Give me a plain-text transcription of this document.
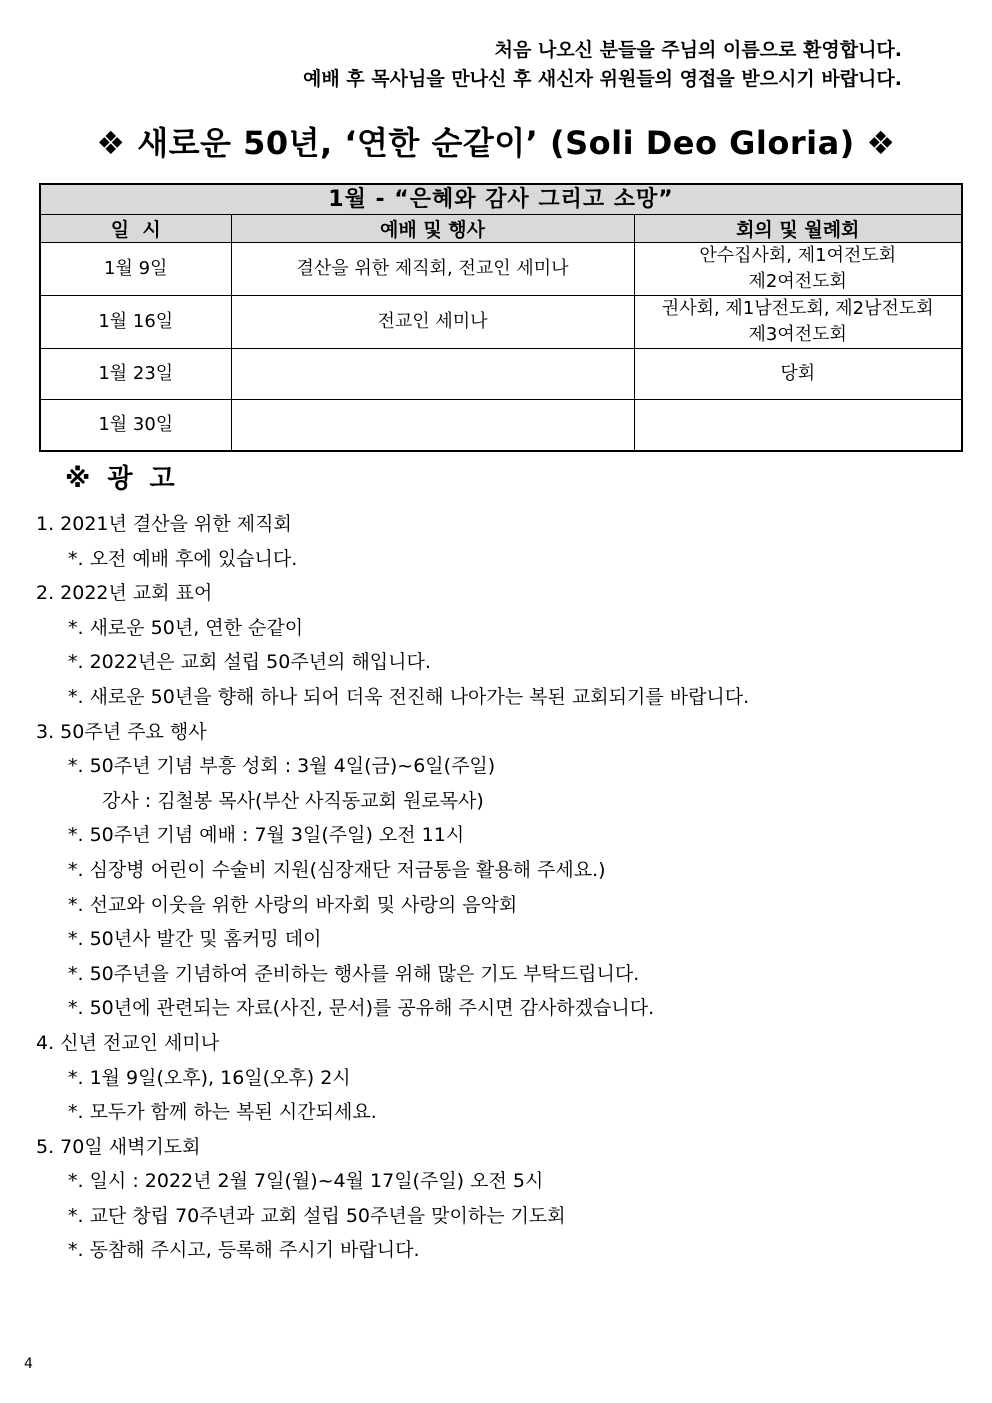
처음 나오신 분들을 주님의 이름으로 환영합니다.
예배 후 목사님을 만나신 후 새신자 위원들의 영접을 받으시기 바랍니다.
❖ 새로운 50년, ‘연한 순같이’ (Soli Deo Gloria) ❖
1월 - “은혜와 감사 그리고 소망”		
일  시	예배 및 행사	회의 및 월례회
1월 9일	결산을 위한 제직회, 전교인 세미나	안수집사회, 제1여전도회
제2여전도회

1월 16일	전교인 세미나	권사회, 제1남전도회, 제2남전도회
제3여전도회

1월 23일		당회

1월 30일		
※ 광 고
1. 2021년 결산을 위한 제직회
*. 오전 예배 후에 있습니다.
2. 2022년 교회 표어
*. 새로운 50년, 연한 순같이
*. 2022년은 교회 설립 50주년의 해입니다.
*. 새로운 50년을 향해 하나 되어 더욱 전진해 나아가는 복된 교회되기를 바랍니다.
3. 50주년 주요 행사
*. 50주년 기념 부흥 성회 : 3월 4일(금)~6일(주일)
강사 : 김철봉 목사(부산 사직동교회 원로목사)
*. 50주년 기념 예배 : 7월 3일(주일) 오전 11시
*. 심장병 어린이 수술비 지원(심장재단 저금통을 활용해 주세요.)
*. 선교와 이웃을 위한 사랑의 바자회 및 사랑의 음악회
*. 50년사 발간 및 홈커밍 데이
*. 50주년을 기념하여 준비하는 행사를 위해 많은 기도 부탁드립니다.
*. 50년에 관련되는 자료(사진, 문서)를 공유해 주시면 감사하겠습니다.
4. 신년 전교인 세미나
*. 1월 9일(오후), 16일(오후) 2시
*. 모두가 함께 하는 복된 시간되세요.
5. 70일 새벽기도회
*. 일시 : 2022년 2월 7일(월)~4월 17일(주일) 오전 5시
*. 교단 창립 70주년과 교회 설립 50주년을 맞이하는 기도회
*. 동참해 주시고, 등록해 주시기 바랍니다.
4
